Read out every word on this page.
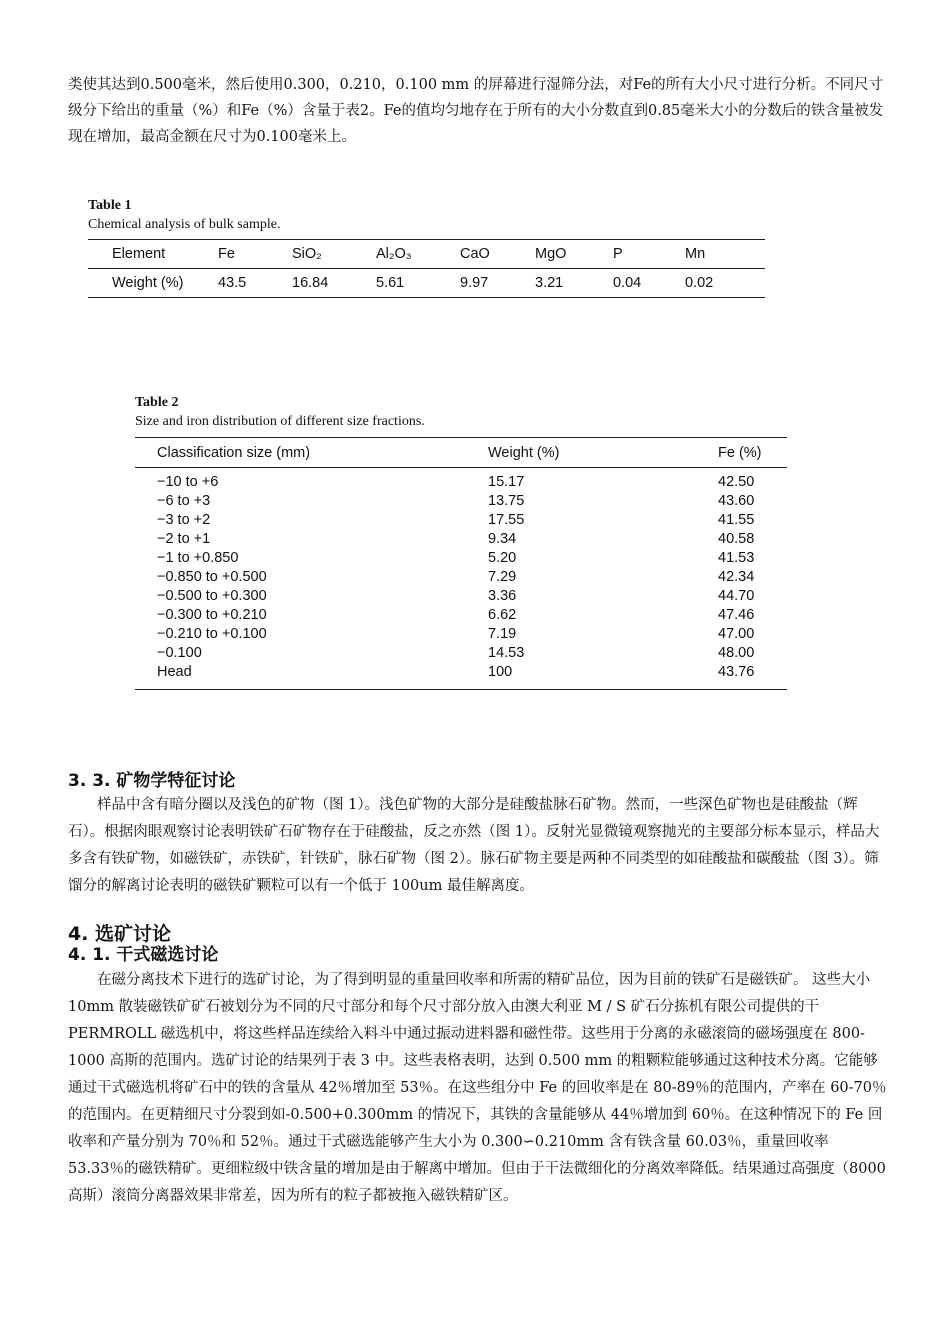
类使其达到0.500毫米，然后使用0.300，0.210，0.100 mm 的屏幕进行湿筛分法，对Fe的所有大小尺寸进行分析。不同尺寸级分下给出的重量（%）和Fe（%）含量于表2。Fe的值均匀地存在于所有的大小分数直到0.85毫米大小的分数后的铁含量被发现在增加，最高金额在尺寸为0.100毫米上。

Table 1
Chemical analysis of bulk sample.
Element	Fe	SiO₂	Al₂O₃	CaO	MgO	P	Mn
Weight (%)	43.5	16.84	5.61	9.97	3.21	0.04	0.02
Table 2
Size and iron distribution of different size fractions.
Classification size (mm)	Weight (%)	Fe (%)
−10 to +6	15.17	42.50
−6 to +3	13.75	43.60
−3 to +2	17.55	41.55
−2 to +1	9.34	40.58
−1 to +0.850	5.20	41.53
−0.850 to +0.500	7.29	42.34
−0.500 to +0.300	3.36	44.70
−0.300 to +0.210	6.62	47.46
−0.210 to +0.100	7.19	47.00
−0.100	14.53	48.00
Head	100	43.76
3. 3. 矿物学特征讨论

样品中含有暗分圈以及浅色的矿物（图 1）。浅色矿物的大部分是硅酸盐脉石矿物。然而，一些深色矿物也是硅酸盐（辉石）。根据肉眼观察讨论表明铁矿石矿物存在于硅酸盐，反之亦然（图 1）。反射光显微镜观察抛光的主要部分标本显示，样品大多含有铁矿物，如磁铁矿，赤铁矿，针铁矿，脉石矿物（图 2）。脉石矿物主要是两种不同类型的如硅酸盐和碳酸盐（图 3）。筛馏分的解离讨论表明的磁铁矿颗粒可以有一个低于 100um 最佳解离度。

4. 选矿讨论
4. 1. 干式磁选讨论

在磁分离技术下进行的选矿讨论，为了得到明显的重量回收率和所需的精矿品位，因为目前的铁矿石是磁铁矿。 这些大小 10mm 散装磁铁矿矿石被划分为不同的尺寸部分和每个尺寸部分放入由澳大利亚 M / S 矿石分拣机有限公司提供的干 PERMROLL 磁选机中，将这些样品连续给入料斗中通过振动进料器和磁性带。这些用于分离的永磁滚筒的磁场强度在 800-1000 高斯的范围内。选矿讨论的结果列于表 3 中。这些表格表明，达到 0.500 mm 的粗颗粒能够通过这种技术分离。它能够通过干式磁选机将矿石中的铁的含量从 42％增加至 53％。在这些组分中 Fe 的回收率是在 80-89％的范围内，产率在 60-70％的范围内。在更精细尺寸分裂到如-0.500+0.300mm 的情况下，其铁的含量能够从 44％增加到 60％。在这种情况下的 Fe 回收率和产量分别为 70％和 52％。通过干式磁选能够产生大小为 0.300∽0.210mm 含有铁含量 60.03％，重量回收率 53.33％的磁铁精矿。更细粒级中铁含量的增加是由于解离中增加。但由于干法微细化的分离效率降低。结果通过高强度（8000 高斯）滚筒分离器效果非常差，因为所有的粒子都被拖入磁铁精矿区。
